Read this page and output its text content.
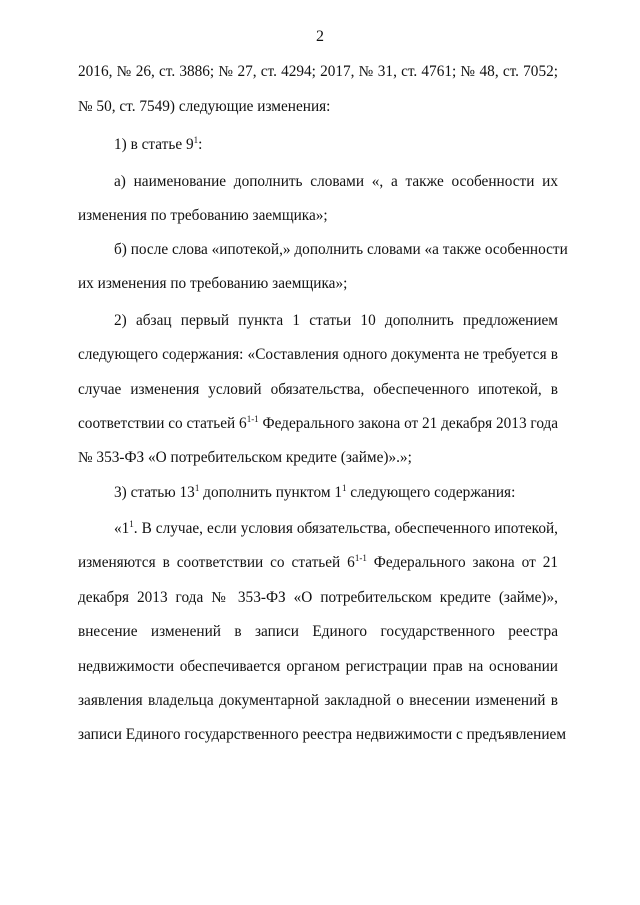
2
2016, № 26, ст. 3886; № 27, ст. 4294; 2017, № 31, ст. 4761; № 48, ст. 7052;
№ 50, ст. 7549) следующие изменения:
1) в статье $9^1$:
а) наименование дополнить словами «, а также особенности их
изменения по требованию заемщика»;
б) после слова «ипотекой,» дополнить словами «а также особенности
их изменения по требованию заемщика»;
2) абзац первый пункта 1 статьи 10 дополнить предложением
следующего содержания: «Составления одного документа не требуется в
случае изменения условий обязательства, обеспеченного ипотекой, в
соответствии со статьей 6$^{1-1}$ Федерального закона от 21 декабря 2013 года
№ 353-ФЗ «О потребительском кредите (займе)».»;
3) статью $13^1$ дополнить пунктом $1^1$ следующего содержания:
«$1^1$. В случае, если условия обязательства, обеспеченного ипотекой,
изменяются в соответствии со статьей 6$^{1-1}$ Федерального закона от 21
декабря 2013 года № 353-ФЗ «О потребительском кредите (займе)»,
внесение изменений в записи Единого государственного реестра
недвижимости обеспечивается органом регистрации прав на основании
заявления владельца документарной закладной о внесении изменений в
записи Единого государственного реестра недвижимости с предъявлением
